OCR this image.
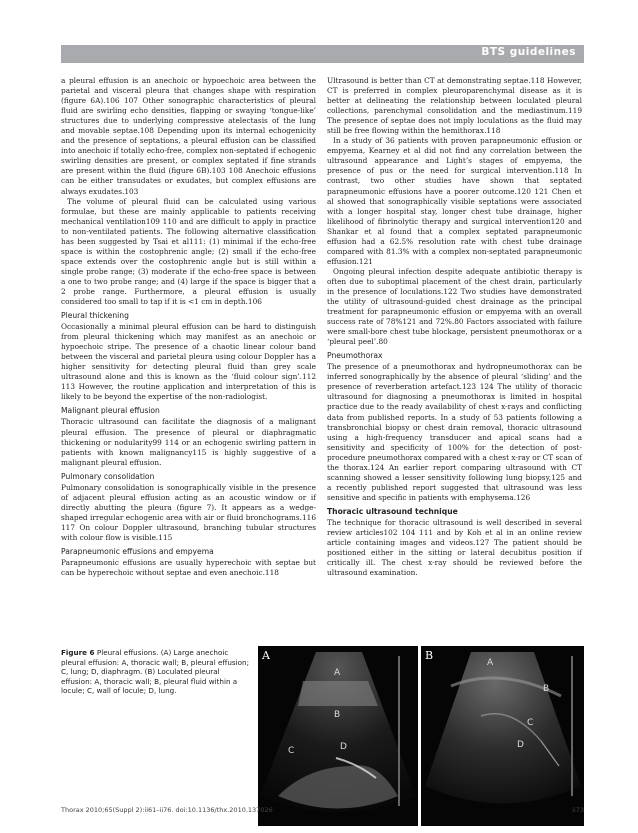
BTS guidelines

a pleural effusion is an anechoic or hypoechoic area between the parietal and visceral pleura that changes shape with respiration (figure 6A).106 107 Other sonographic characteristics of pleural fluid are swirling echo densities, flapping or swaying ‘tongue-like’ structures due to underlying compressive atelectasis of the lung and movable septae.108 Depending upon its internal echogenicity and the presence of septations, a pleural effusion can be classified into anechoic if totally echo-free, complex non-septated if echogenic swirling densities are present, or complex septated if fine strands are present within the fluid (figure 6B).103 108 Anechoic effusions can be either transudates or exudates, but complex effusions are always exudates.103

The volume of pleural fluid can be calculated using various formulae, but these are mainly applicable to patients receiving mechanical ventilation109 110 and are difficult to apply in practice to non-ventilated patients. The following alternative classification has been suggested by Tsai et al111: (1) minimal if the echo-free space is within the costophrenic angle; (2) small if the echo-free space extends over the costophrenic angle but is still within a single probe range; (3) moderate if the echo-free space is between a one to two probe range; and (4) large if the space is bigger that a 2 probe range. Furthermore, a pleural effusion is usually considered too small to tap if it is <1 cm in depth.106

Pleural thickening

Occasionally a minimal pleural effusion can be hard to distinguish from pleural thickening which may manifest as an anechoic or hypoechoic stripe. The presence of a chaotic linear colour band between the visceral and parietal pleura using colour Doppler has a higher sensitivity for detecting pleural fluid than grey scale ultrasound alone and this is known as the ‘fluid colour sign’.112 113 However, the routine application and interpretation of this is likely to be beyond the expertise of the non-radiologist.

Malignant pleural effusion

Thoracic ultrasound can facilitate the diagnosis of a malignant pleural effusion. The presence of pleural or diaphragmatic thickening or nodularity99 114 or an echogenic swirling pattern in patients with known malignancy115 is highly suggestive of a malignant pleural effusion.

Pulmonary consolidation

Pulmonary consolidation is sonographically visible in the presence of adjacent pleural effusion acting as an acoustic window or if directly abutting the pleura (figure 7). It appears as a wedge-shaped irregular echogenic area with air or fluid bronchograms.116 117 On colour Doppler ultrasound, branching tubular structures with colour flow is visible.115

Parapneumonic effusions and empyema

Parapneumonic effusions are usually hyperechoic with septae but can be hyperechoic without septae and even anechoic.118

Ultrasound is better than CT at demonstrating septae.118 However, CT is preferred in complex pleuroparenchymal disease as it is better at delineating the relationship between loculated pleural collections, parenchymal consolidation and the mediastinum.119 The presence of septae does not imply loculations as the fluid may still be free flowing within the hemithorax.118

In a study of 36 patients with proven parapneumonic effusion or empyema, Kearney et al did not find any correlation between the ultrasound appearance and Light’s stages of empyema, the presence of pus or the need for surgical intervention.118 In contrast, two other studies have shown that septated parapneumonic effusions have a poorer outcome.120 121 Chen et al showed that sonographically visible septations were associated with a longer hospital stay, longer chest tube drainage, higher likelihood of fibrinolytic therapy and surgical intervention120 and Shankar et al found that a complex septated parapneumonic effusion had a 62.5% resolution rate with chest tube drainage compared with 81.3% with a complex non-septated parapneumonic effusion.121

Ongoing pleural infection despite adequate antibiotic therapy is often due to suboptimal placement of the chest drain, particularly in the presence of loculations.122 Two studies have demonstrated the utility of ultrasound-guided chest drainage as the principal treatment for parapneumonic effusion or empyema with an overall success rate of 78%121 and 72%.80 Factors associated with failure were small-bore chest tube blockage, persistent pneumothorax or a ‘pleural peel’.80

Pneumothorax

The presence of a pneumothorax and hydropneumothorax can be inferred sonographically by the absence of pleural ‘sliding’ and the presence of reverberation artefact.123 124 The utility of thoracic ultrasound for diagnosing a pneumothorax is limited in hospital practice due to the ready availability of chest x-rays and conflicting data from published reports. In a study of 53 patients following a transbronchial biopsy or chest drain removal, thoracic ultrasound using a high-frequency transducer and apical scans had a sensitivity and specificity of 100% for the detection of post-procedure pneumothorax compared with a chest x-ray or CT scan of the thorax.124 An earlier report comparing ultrasound with CT scanning showed a lesser sensitivity following lung biopsy,125 and a recently published report suggested that ultrasound was less sensitive and specific in patients with emphysema.126

Thoracic ultrasound technique

The technique for thoracic ultrasound is well described in several review articles102 104 111 and by Koh et al in an online review article containing images and videos.127 The patient should be positioned either in the sitting or lateral decubitus position if critically ill. The chest x-ray should be reviewed before the ultrasound examination.

Figure 6 Pleural effusions. (A) Large anechoic pleural effusion: A, thoracic wall; B, pleural effusion; C, lung; D, diaphragm. (B) Loculated pleural effusion: A, thoracic wall; B, pleural fluid within a locule; C, wall of locule; D, lung.
A
A
B
C	D
B
A
B
C
D
Thorax 2010;65(Suppl 2):ii61–ii76. doi:10.1136/thx.2010.137026	ii73
